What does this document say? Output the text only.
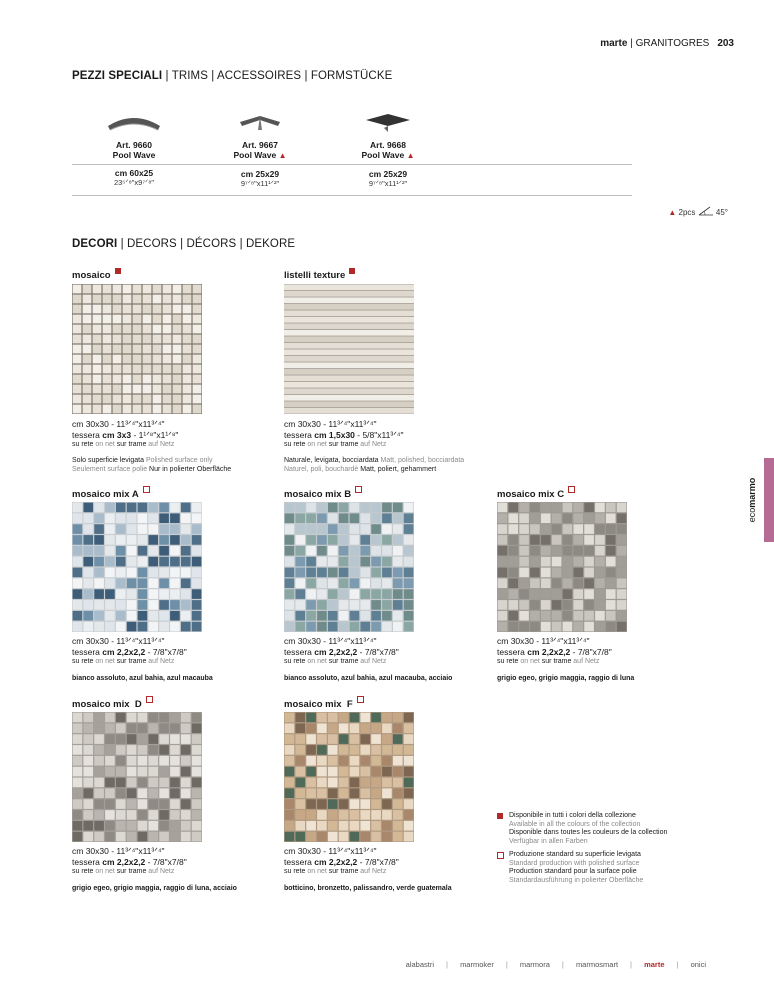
marte | GRANITOGRES 203
PEZZI SPECIALI | TRIMS | ACCESSOIRES | FORMSTÜCKE
Art. 9660
Pool Wave
cm 60x25
23⁵ᐟ⁸"x9⁷ᐟ⁸"
Art. 9667
Pool Wave ▲
cm 25x29
9⁷ᐟ⁸"x11¹ᐟ²"
Art. 9668
Pool Wave ▲
cm 25x29
9⁷ᐟ⁸"x11¹ᐟ²"
▲ 2pcs	45°
DECORI | DECORS | DÉCORS | DEKORE
mosaico
cm 30x30 - 11³ᐟ⁴"x11³ᐟ⁴"
tessera cm 3x3 - 1¹ᐟ⁸"x1¹ᐟ⁸"
su rete on net sur trame auf Netz
Solo superficie levigata Polished surface only
Seulement surface polie Nur in polierter Oberfläche
listelli texture
cm 30x30 - 11³ᐟ⁴"x11³ᐟ⁴"
tessera cm 1,5x30 - 5/8"x11³ᐟ⁴"
su rete on net sur trame auf Netz
Naturale, levigata, bocciardata Matt, polished, bocciardata
Naturel, poli, bouchardé Matt, poliert, gehammert
mosaico mix A
cm 30x30 - 11³ᐟ⁴"x11³ᐟ⁴"
tessera cm 2,2x2,2 - 7/8"x7/8"
su rete on net sur trame auf Netz
bianco assoluto, azul bahia, azul macauba
mosaico mix B
cm 30x30 - 11³ᐟ⁴"x11³ᐟ⁴"
tessera cm 2,2x2,2 - 7/8"x7/8"
su rete on net sur trame auf Netz
bianco assoluto, azul bahia, azul macauba, acciaio
mosaico mix C
cm 30x30 - 11³ᐟ⁴"x11³ᐟ⁴"
tessera cm 2,2x2,2 - 7/8"x7/8"
su rete on net sur trame auf Netz
grigio egeo, grigio maggia, raggio di luna
mosaico mix  D
cm 30x30 - 11³ᐟ⁴"x11³ᐟ⁴"
tessera cm 2,2x2,2 - 7/8"x7/8"
su rete on net sur trame auf Netz
grigio egeo, grigio maggia, raggio di luna, acciaio
mosaico mix  F
cm 30x30 - 11³ᐟ⁴"x11³ᐟ⁴"
tessera cm 2,2x2,2 - 7/8"x7/8"
su rete on net sur trame auf Netz
botticino, bronzetto, palissandro, verde guatemala
Disponibile in tutti i colori della collezione
Available in all the colours of the collection
Disponible dans toutes les couleurs de la collection
Verfügbar in allen Farben
Produzione standard su superficie levigata
Standard production with polished surface
Production standard pour la surface polie
Standardausführung in polierter Oberfläche
ecomarmo
alabastri | marmoker | marmora | marmosmart | marte | onici
